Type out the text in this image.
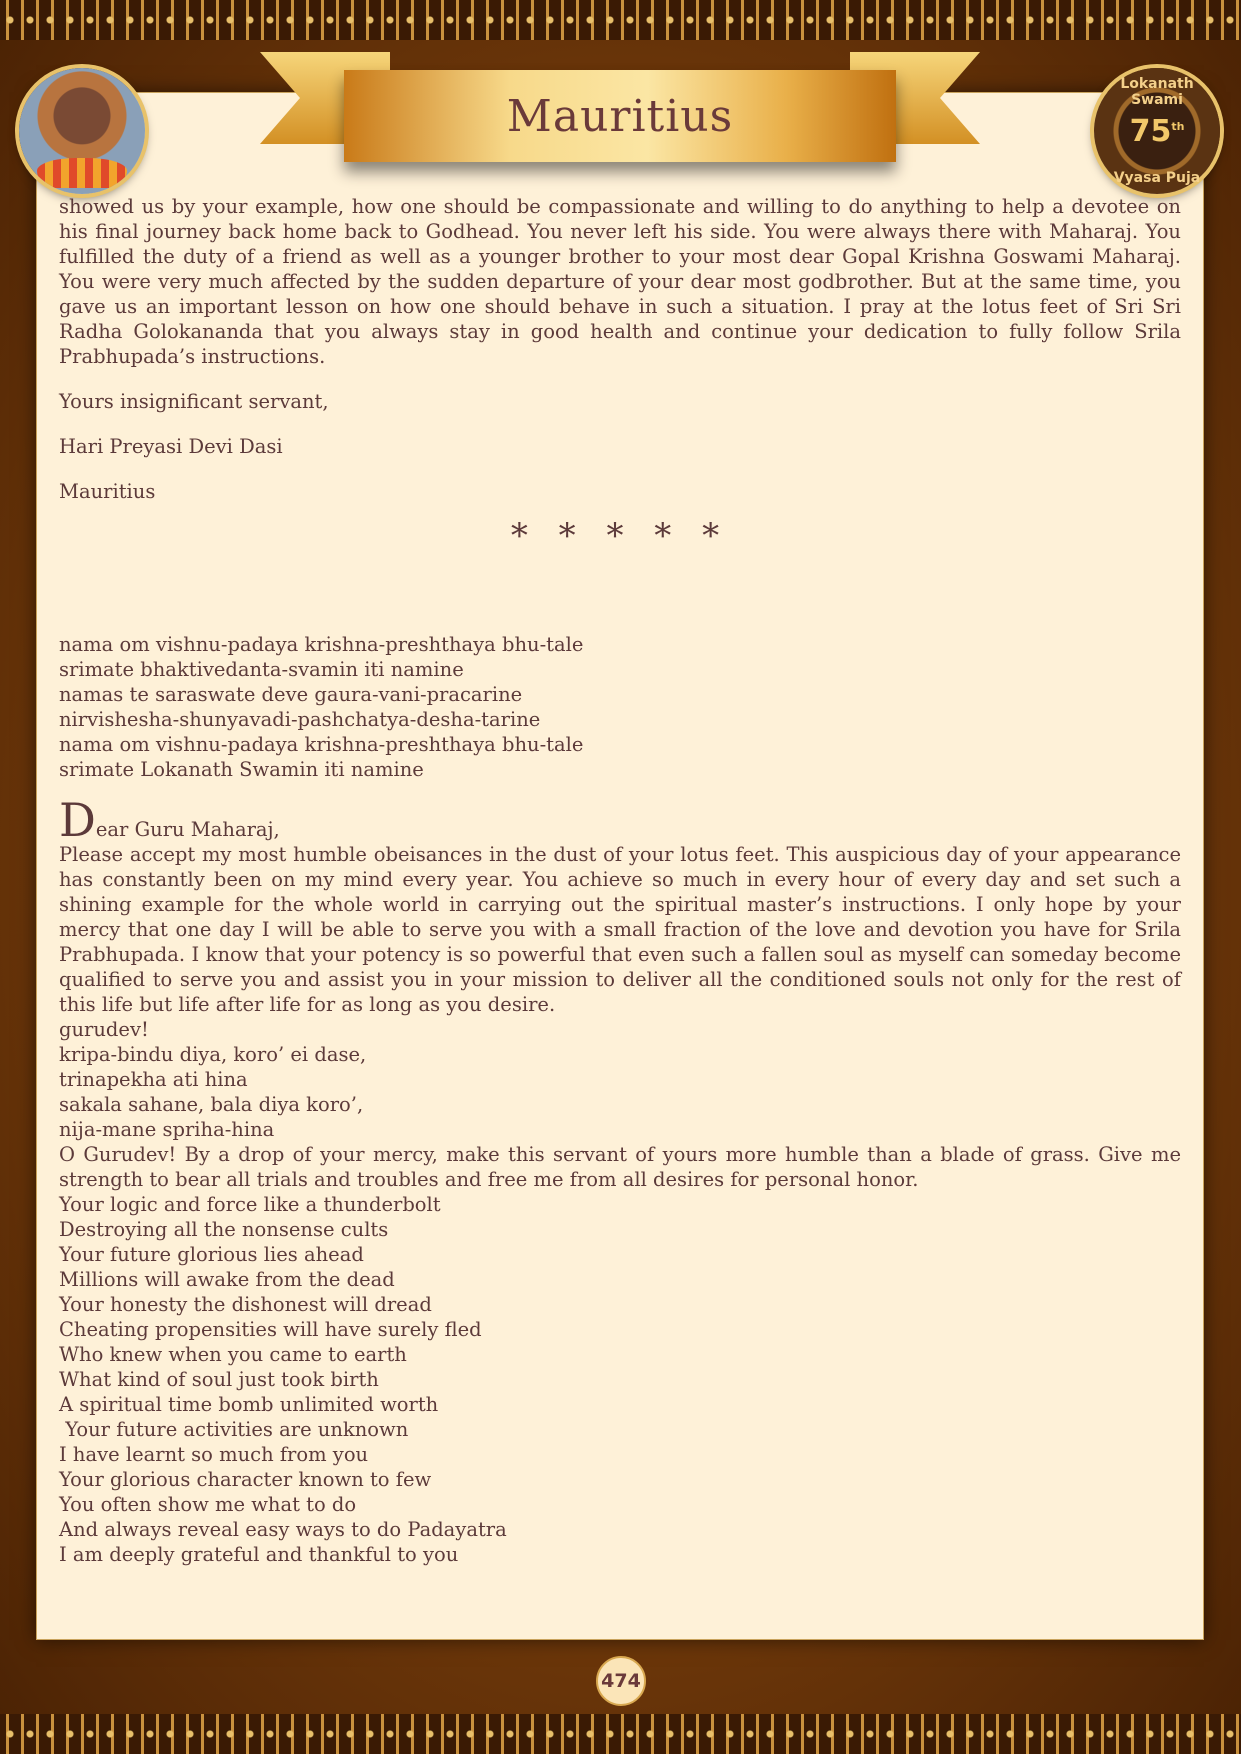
Mauritius
Lokanath Swami
75th
Vyasa Puja

showed us by your example, how one should be compassionate and willing to do anything to help a devotee on his final journey back home back to Godhead. You never left his side. You were always there with Maharaj. You fulfilled the duty of a friend as well as a younger brother to your most dear Gopal Krishna Goswami Maharaj. You were very much affected by the sudden departure of your dear most godbrother. But at the same time, you gave us an important lesson on how one should behave in such a situation. I pray at the lotus feet of Sri Sri Radha Golokananda that you always stay in good health and continue your dedication to fully follow Srila Prabhupada’s instructions.

Yours insignificant servant,
Hari Preyasi Devi Dasi
Mauritius
* * * * *
nama om vishnu-padaya krishna-preshthaya bhu-tale
srimate bhaktivedanta-svamin iti namine
namas te saraswate deve gaura-vani-pracarine
nirvishesha-shunyavadi-pashchatya-desha-tarine
nama om vishnu-padaya krishna-preshthaya bhu-tale
srimate Lokanath Swamin iti namine
Dear Guru Maharaj,

Please accept my most humble obeisances in the dust of your lotus feet. This auspicious day of your appearance has constantly been on my mind every year. You achieve so much in every hour of every day and set such a shining example for the whole world in carrying out the spiritual master’s instructions. I only hope by your mercy that one day I will be able to serve you with a small fraction of the love and devotion you have for Srila Prabhupada. I know that your potency is so powerful that even such a fallen soul as myself can someday become qualified to serve you and assist you in your mission to deliver all the conditioned souls not only for the rest of this life but life after life for as long as you desire.

gurudev!
kripa-bindu diya, koro’ ei dase,
trinapekha ati hina
sakala sahane, bala diya koro’,
nija-mane spriha-hina

O Gurudev! By a drop of your mercy, make this servant of yours more humble than a blade of grass. Give me strength to bear all trials and troubles and free me from all desires for personal honor.

Your logic and force like a thunderbolt
Destroying all the nonsense cults
Your future glorious lies ahead
Millions will awake from the dead
Your honesty the dishonest will dread
Cheating propensities will have surely fled
Who knew when you came to earth
What kind of soul just took birth
A spiritual time bomb unlimited worth
Your future activities are unknown
I have learnt so much from you
Your glorious character known to few
You often show me what to do
And always reveal easy ways to do Padayatra
I am deeply grateful and thankful to you
474
